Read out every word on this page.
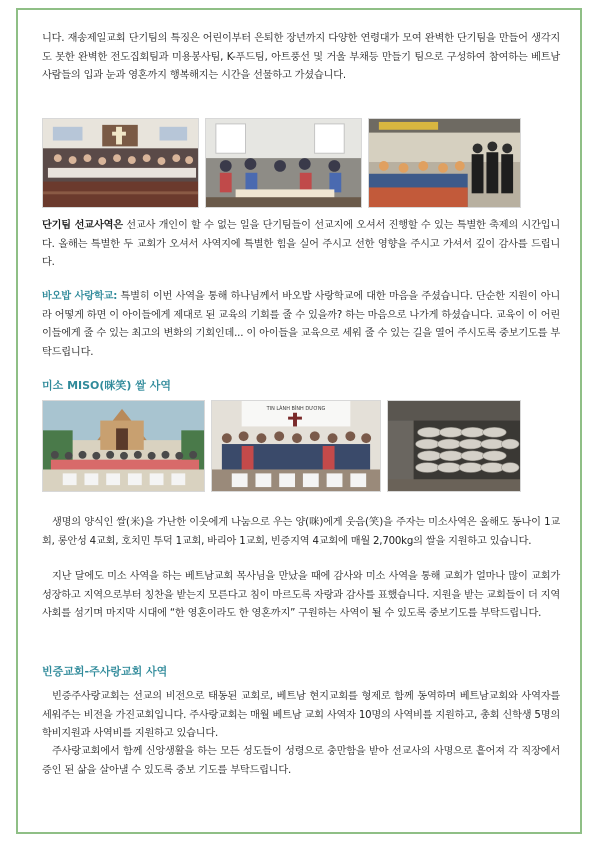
니다. 재송제일교회 단기팀의 특징은 어린이부터 은퇴한 장년까지 다양한 연령대가 모여 완벽한 단기팀을 만들어 생각지도 못한 완벽한 전도집회팀과 미용봉사팀, K-푸드팀, 아트풍선 및 거울 부채등 만들기 팀으로 구성하여 참여하는 베트남 사람들의 입과 눈과 영혼까지 행복해지는 시간을 선물하고 가셨습니다.

단기팀 선교사역은 선교사 개인이 할 수 없는 일을 단기팀들이 선교지에 오셔서 진행할 수 있는 특별한 축제의 시간입니다. 올해는 특별한 두 교회가 오셔서 사역지에 특별한 힘을 실어 주시고 선한 영향을 주시고 가셔서 깊이 감사를 드립니다.

바오밥 사랑학교: 특별히 이번 사역을 통해 하나님께서 바오밥 사랑학교에 대한 마음을 주셨습니다. 단순한 지원이 아니라 어떻게 하면 이 아이들에게 제대로 된 교육의 기회를 줄 수 있을까? 하는 마음으로 나가게 하셨습니다. 교육이 이 어린이들에게 줄 수 있는 최고의 변화의 기회인데... 이 아이들을 교육으로 세워 줄 수 있는 길을 열어 주시도록 중보기도를 부탁드립니다.

미소 MISO(咪笑) 쌀 사역

TIN LÀNH BÌNH DƯƠNG

생명의 양식인 쌀(米)을 가난한 이웃에게 나눔으로 우는 양(咪)에게 웃음(笑)을 주자는 미소사역은 올해도 동나이 1교회, 롱안성 4교회, 호치민 투덕 1교회, 바리아 1교회, 빈증지역 4교회에 매월 2,700kg의 쌀을 지원하고 있습니다.

지난 달에도 미소 사역을 하는 베트남교회 목사님을 만났을 때에 감사와 미소 사역을 통해 교회가 얼마나 많이 교회가 성장하고 지역으로부터 칭찬을 받는지 모른다고 침이 마르도록 자랑과 감사를 표했습니다. 지원을 받는 교회들이 더 지역사회를 섬기며 마지막 시대에 “한 영혼이라도 한 영혼까지” 구원하는 사역이 될 수 있도록 중보기도를 부탁드립니다.

빈증교회-주사랑교회 사역

빈증주사랑교회는 선교의 비전으로 태동된 교회로, 베트남 현지교회를 형제로 함께 동역하며 베트남교회와 사역자를 세워주는 비전을 가진교회입니다. 주사랑교회는 매월 베트남 교회 사역자 10명의 사역비를 지원하고, 총회 신학생 5명의 학비지원과 사역비를 지원하고 있습니다.

주사랑교회에서 함께 신앙생활을 하는 모든 성도들이 성령으로 충만함을 받아 선교사의 사명으로 흩어져 각 직장에서 증인 된 삶을 살아낼 수 있도록 중보 기도를 부탁드립니다.
